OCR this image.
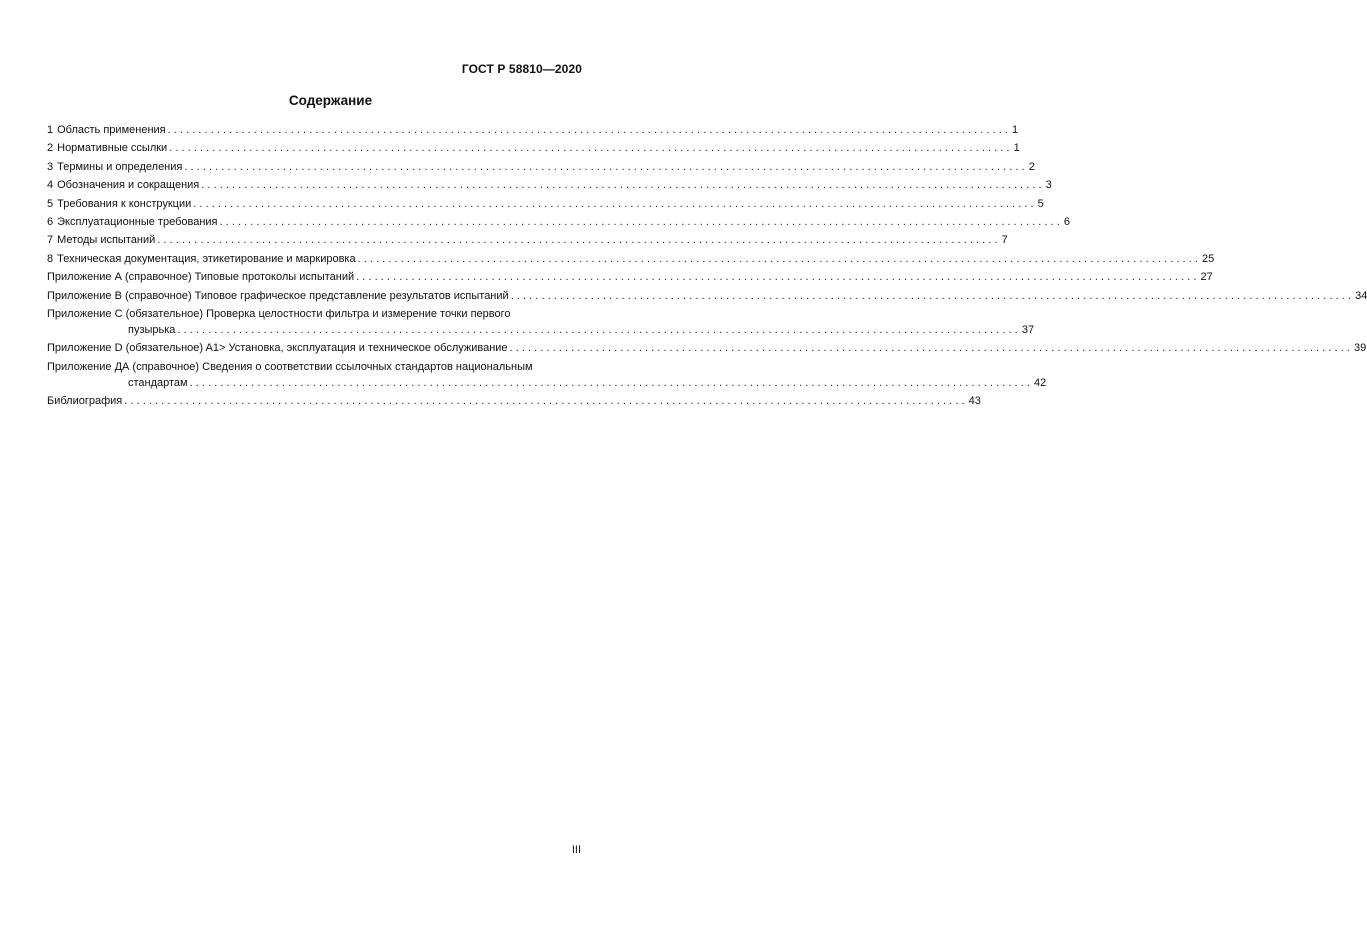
ГОСТ Р 58810—2020
Содержание
1 Область применения ......................................................................................................................................... 1
2 Нормативные ссылки ......................................................................................................................................... 1
3 Термины и определения ......................................................................................................................................... 2
4 Обозначения и сокращения ......................................................................................................................................... 3
5 Требования к конструкции ......................................................................................................................................... 5
6 Эксплуатационные требования ......................................................................................................................................... 6
7 Методы испытаний ......................................................................................................................................... 7
8 Техническая документация, этикетирование и маркировка ......................................................................................................................................... 25
Приложение А (справочное) Типовые протоколы испытаний ......................................................................................................................................... 27
Приложение В (справочное) Типовое графическое представление результатов испытаний ......................................................................................................................................... 34
Приложение С (обязательное) Проверка целостности фильтра и измерение точки первого
пузырька ......................................................................................................................................... 37
Приложение D (обязательное) A1> Установка, эксплуатация и техническое обслуживание ......................................................................................................................................... 39
Приложение ДА (справочное) Сведения о соответствии ссылочных стандартов национальным
стандартам ......................................................................................................................................... 42
Библиография ......................................................................................................................................... 43
III
